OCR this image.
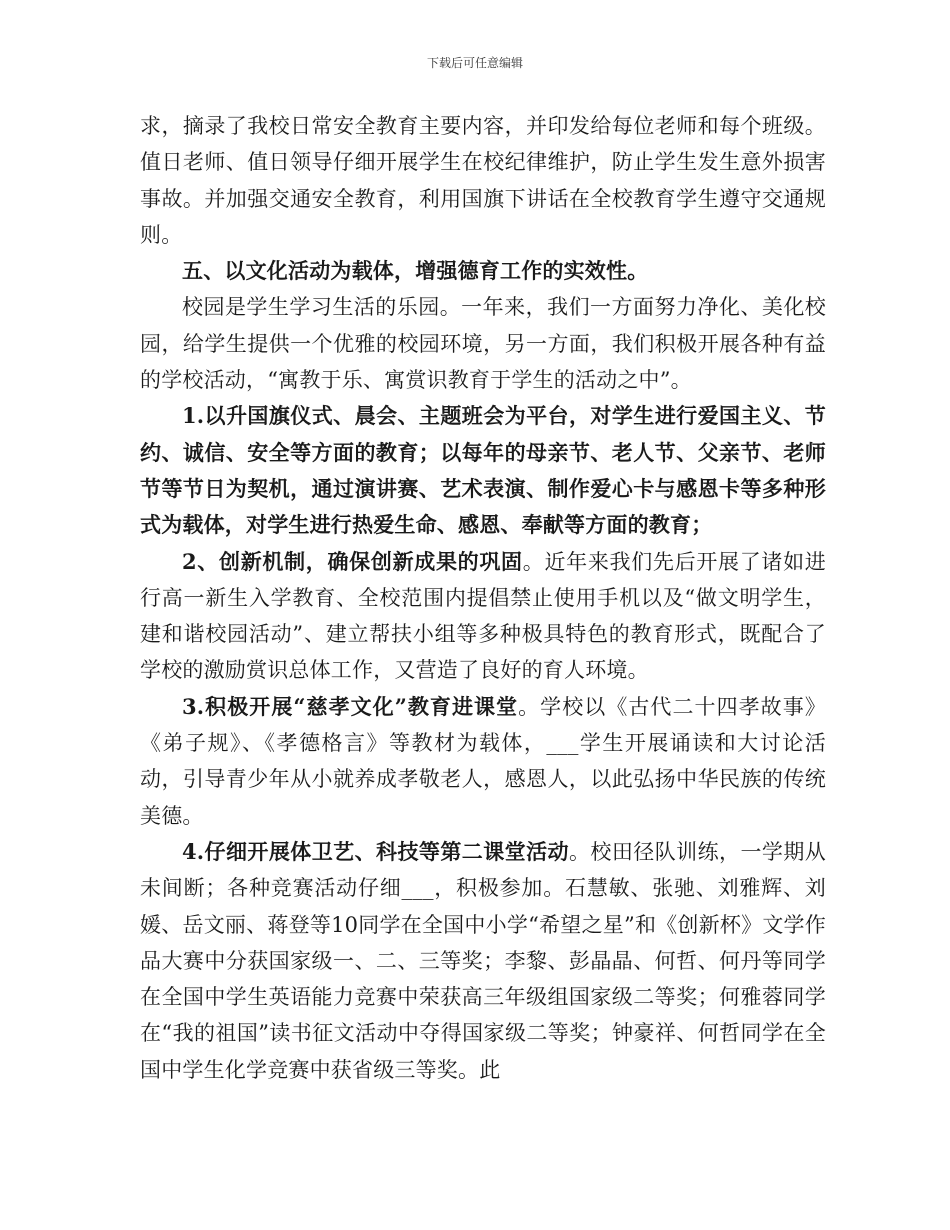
下载后可任意编辑

求，摘录了我校日常安全教育主要内容，并印发给每位老师和每个班级。值日老师、值日领导仔细开展学生在校纪律维护，防止学生发生意外损害事故。并加强交通安全教育，利用国旗下讲话在全校教育学生遵守交通规则。

五、以文化活动为载体，增强德育工作的实效性。

校园是学生学习生活的乐园。一年来，我们一方面努力净化、美化校园，给学生提供一个优雅的校园环境，另一方面，我们积极开展各种有益的学校活动，“寓教于乐、寓赏识教育于学生的活动之中”。

1.以升国旗仪式、晨会、主题班会为平台，对学生进行爱国主义、节约、诚信、安全等方面的教育；以每年的母亲节、老人节、父亲节、老师节等节日为契机，通过演讲赛、艺术表演、制作爱心卡与感恩卡等多种形式为载体，对学生进行热爱生命、感恩、奉献等方面的教育；

2、创新机制，确保创新成果的巩固。近年来我们先后开展了诸如进行高一新生入学教育、全校范围内提倡禁止使用手机以及“做文明学生，建和谐校园活动”、建立帮扶小组等多种极具特色的教育形式，既配合了学校的激励赏识总体工作，又营造了良好的育人环境。

3.积极开展“慈孝文化”教育进课堂。学校以《古代二十四孝故事》《弟子规》、《孝德格言》等教材为载体，___学生开展诵读和大讨论活动，引导青少年从小就养成孝敬老人，感恩人，以此弘扬中华民族的传统美德。

4.仔细开展体卫艺、科技等第二课堂活动。校田径队训练，一学期从未间断；各种竞赛活动仔细___，积极参加。石慧敏、张驰、刘雅辉、刘媛、岳文丽、蒋登等10同学在全国中小学“希望之星”和《创新杯》文学作品大赛中分获国家级一、二、三等奖；李黎、彭晶晶、何哲、何丹等同学在全国中学生英语能力竞赛中荣获高三年级组国家级二等奖；何雅蓉同学在“我的祖国”读书征文活动中夺得国家级二等奖；钟豪祥、何哲同学在全国中学生化学竞赛中获省级三等奖。此
